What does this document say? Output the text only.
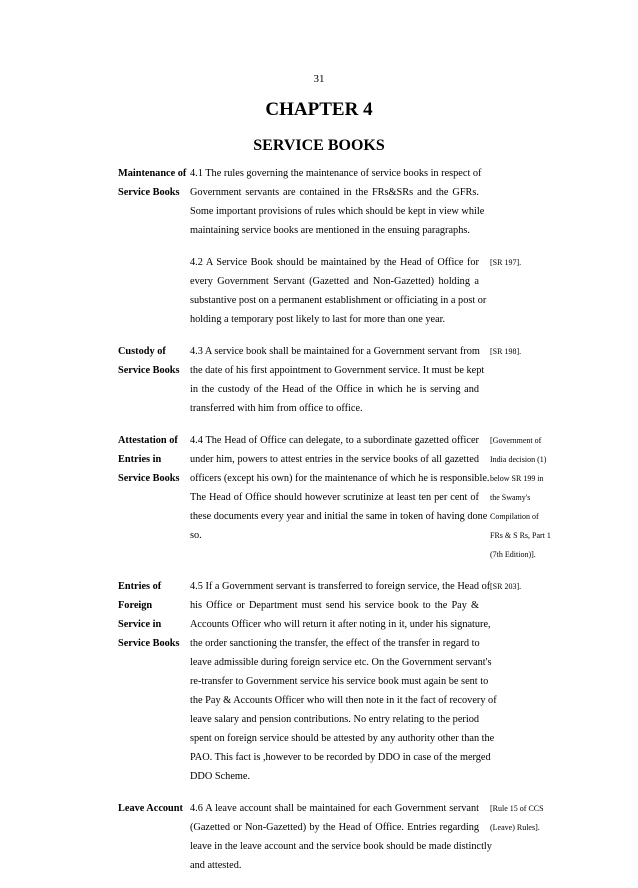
31
CHAPTER 4
SERVICE BOOKS
Maintenance of
Service Books
4.1 The rules governing the maintenance of service books in respect of
Government servants are contained in the FRs&SRs and the GFRs.
Some important provisions of rules which should be kept in view while
maintaining service books are mentioned in the ensuing paragraphs.
4.2 A Service Book should be maintained by the Head of Office for
every Government Servant (Gazetted and Non-Gazetted) holding a
substantive post on a permanent establishment or officiating in a post or
holding a temporary post likely to last for more than one year.
[SR 197].
Custody of
Service Books
4.3 A service book shall be maintained for a Government servant from
the date of his first appointment to Government service. It must be kept
in the custody of the Head of the Office in which he is serving and
transferred with him from office to office.
[SR 198].
Attestation of
Entries in
Service Books
4.4 The Head of Office can delegate, to a subordinate gazetted officer
under him, powers to attest entries in the service books of all gazetted
officers (except his own) for the maintenance of which he is responsible.
The Head of Office should however scrutinize at least ten per cent of
these documents every year and initial the same in token of having done
so.
[Government of
India decision (1)
below SR 199 in
the Swamy's
Compilation of
FRs & S Rs, Part 1
(7th Edition)].
Entries of
Foreign
Service in
Service Books
4.5 If a Government servant is transferred to foreign service, the Head of
his Office or Department must send his service book to the Pay &
Accounts Officer who will return it after noting in it, under his signature,
the order sanctioning the transfer, the effect of the transfer in regard to
leave admissible during foreign service etc. On the Government servant's
re-transfer to Government service his service book must again be sent to
the Pay & Accounts Officer who will then note in it the fact of recovery of
leave salary and pension contributions. No entry relating to the period
spent on foreign service should be attested by any authority other than the
PAO. This fact is ,however to be recorded by DDO in case of the merged
DDO Scheme.
[SR 203].
Leave Account 4.6 A leave account shall be maintained for each Government servant
(Gazetted or Non-Gazetted) by the Head of Office. Entries regarding
leave in the leave account and the service book should be made distinctly
and attested.
[Rule 15 of CCS
(Leave) Rules].
